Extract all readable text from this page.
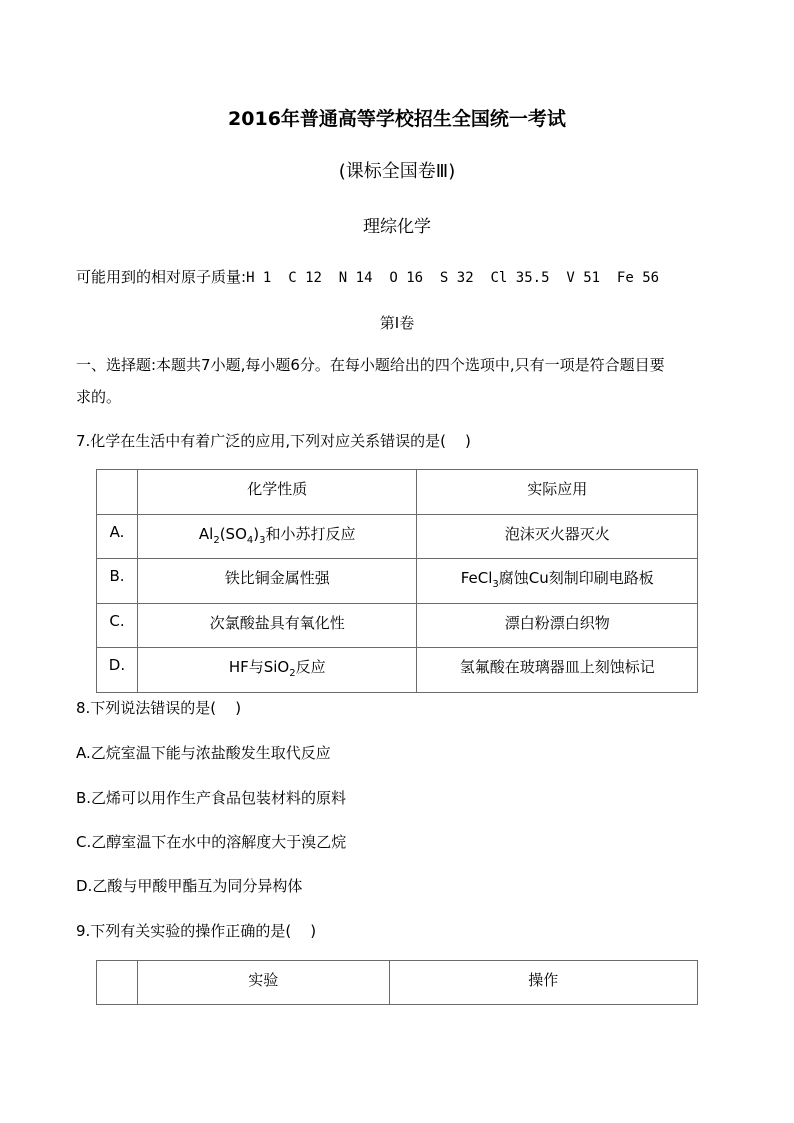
2016年普通高等学校招生全国统一考试
(课标全国卷Ⅲ)
理综化学
可能用到的相对原子质量:H 1  C 12  N 14  O 16  S 32  Cl 35.5  V 51  Fe 56
第Ⅰ卷
一、选择题:本题共7小题,每小题6分。在每小题给出的四个选项中,只有一项是符合题目要
求的。
7.化学在生活中有着广泛的应用,下列对应关系错误的是(    )
	化学性质	实际应用
A.	$Al_2(SO_4)_3$和小苏打反应	泡沫灭火器灭火
B.	铁比铜金属性强	FeCl$_3$腐蚀Cu刻制印刷电路板
C.	次氯酸盐具有氧化性	漂白粉漂白织物
D.	HF与SiO$_2$反应	氢氟酸在玻璃器皿上刻蚀标记
8.下列说法错误的是(    )
A.乙烷室温下能与浓盐酸发生取代反应
B.乙烯可以用作生产食品包装材料的原料
C.乙醇室温下在水中的溶解度大于溴乙烷
D.乙酸与甲酸甲酯互为同分异构体
9.下列有关实验的操作正确的是(    )
	实验	操作
